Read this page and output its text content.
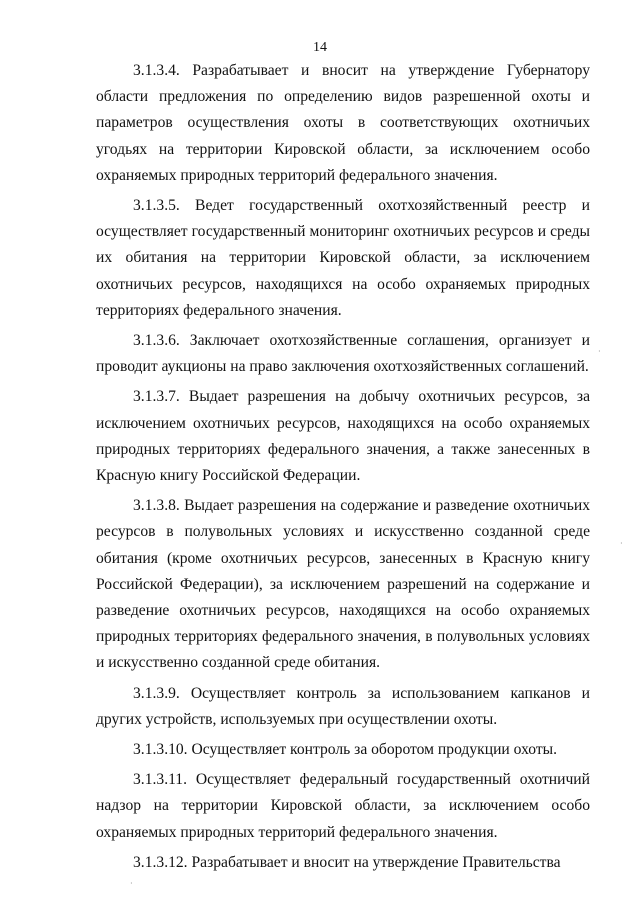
14

3.1.3.4. Разрабатывает и вносит на утверждение Губернатору области предложения по определению видов разрешенной охоты и параметров осуществления охоты в соответствующих охотничьих угодьях на территории Кировской области, за исключением особо охраняемых природных территорий федерального значения.

3.1.3.5. Ведет государственный охотхозяйственный реестр и осуществляет государственный мониторинг охотничьих ресурсов и среды их обитания на территории Кировской области, за исключением охотничьих ресурсов, находящихся на особо охраняемых природных территориях федерального значения.

3.1.3.6. Заключает охотхозяйственные соглашения, организует и проводит аукционы на право заключения охотхозяйственных соглашений.

3.1.3.7. Выдает разрешения на добычу охотничьих ресурсов, за исключением охотничьих ресурсов, находящихся на особо охраняемых природных территориях федерального значения, а также занесенных в Красную книгу Российской Федерации.

3.1.3.8. Выдает разрешения на содержание и разведение охотничьих ресурсов в полувольных условиях и искусственно созданной среде обитания (кроме охотничьих ресурсов, занесенных в Красную книгу Российской Федерации), за исключением разрешений на содержание и разведение охотничьих ресурсов, находящихся на особо охраняемых природных территориях федерального значения, в полувольных условиях и искусственно созданной среде обитания.

3.1.3.9. Осуществляет контроль за использованием капканов и других устройств, используемых при осуществлении охоты.

3.1.3.10. Осуществляет контроль за оборотом продукции охоты.

3.1.3.11. Осуществляет федеральный государственный охотничий надзор на территории Кировской области, за исключением особо охраняемых природных территорий федерального значения.

3.1.3.12. Разрабатывает и вносит на утверждение Правительства

·
·
·
